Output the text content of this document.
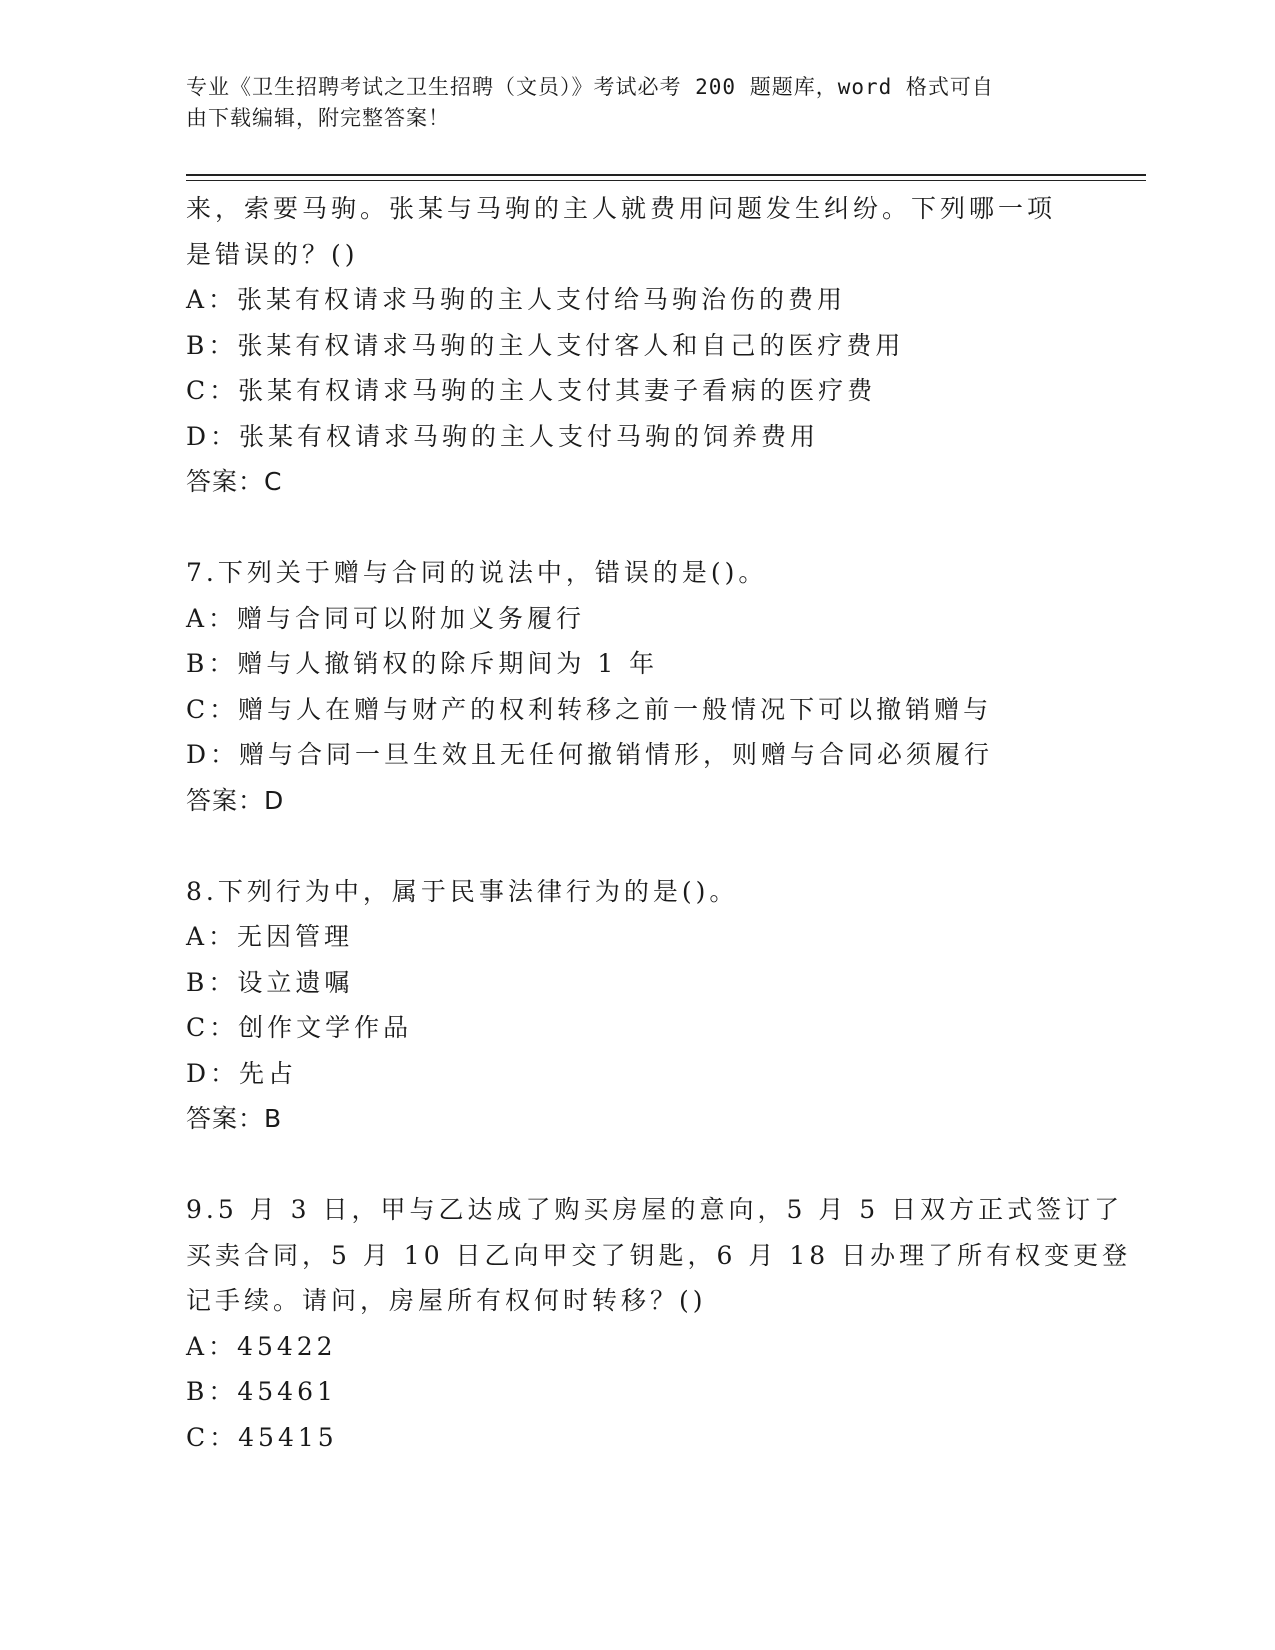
专业《卫生招聘考试之卫生招聘（文员）》考试必考 200 题题库，word 格式可自
由下载编辑，附完整答案！
来，索要马驹。张某与马驹的主人就费用问题发生纠纷。下列哪一项
是错误的？()
A：张某有权请求马驹的主人支付给马驹治伤的费用
B：张某有权请求马驹的主人支付客人和自己的医疗费用
C：张某有权请求马驹的主人支付其妻子看病的医疗费
D：张某有权请求马驹的主人支付马驹的饲养费用
答案：C
7.下列关于赠与合同的说法中，错误的是()。
A：赠与合同可以附加义务履行
B：赠与人撤销权的除斥期间为 1 年
C：赠与人在赠与财产的权利转移之前一般情况下可以撤销赠与
D：赠与合同一旦生效且无任何撤销情形，则赠与合同必须履行
答案：D
8.下列行为中，属于民事法律行为的是()。
A：无因管理
B：设立遗嘱
C：创作文学作品
D：先占
答案：B
9.5 月 3 日，甲与乙达成了购买房屋的意向，5 月 5 日双方正式签订了
买卖合同，5 月 10 日乙向甲交了钥匙，6 月 18 日办理了所有权变更登
记手续。请问，房屋所有权何时转移？()
A：45422
B：45461
C：45415
